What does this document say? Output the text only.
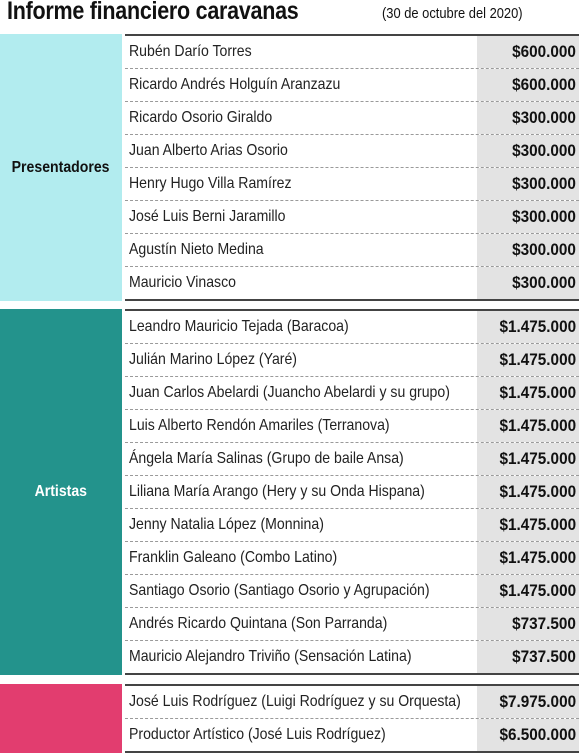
Informe financiero caravanas	(30 de octubre del 2020)
Presentadores
Rubén Darío Torres	$600.000
Ricardo Andrés Holguín Aranzazu	$600.000
Ricardo Osorio Giraldo	$300.000
Juan Alberto Arias Osorio	$300.000
Henry Hugo Villa Ramírez	$300.000
José Luis Berni Jaramillo	$300.000
Agustín Nieto Medina	$300.000
Mauricio Vinasco	$300.000
Artistas
Leandro Mauricio Tejada (Baracoa)	$1.475.000
Julián Marino López (Yaré)	$1.475.000
Juan Carlos Abelardi (Juancho Abelardi y su grupo)	$1.475.000
Luis Alberto Rendón Amariles (Terranova)	$1.475.000
Ángela María Salinas (Grupo de baile Ansa)	$1.475.000
Liliana María Arango (Hery y su Onda Hispana)	$1.475.000
Jenny Natalia López (Monnina)	$1.475.000
Franklin Galeano (Combo Latino)	$1.475.000
Santiago Osorio (Santiago Osorio y Agrupación)	$1.475.000
Andrés Ricardo Quintana (Son Parranda)	$737.500
Mauricio Alejandro Triviño (Sensación Latina)	$737.500
José Luis Rodríguez (Luigi Rodríguez y su Orquesta) $7.975.000
Productor Artístico (José Luis Rodríguez)	$6.500.000
